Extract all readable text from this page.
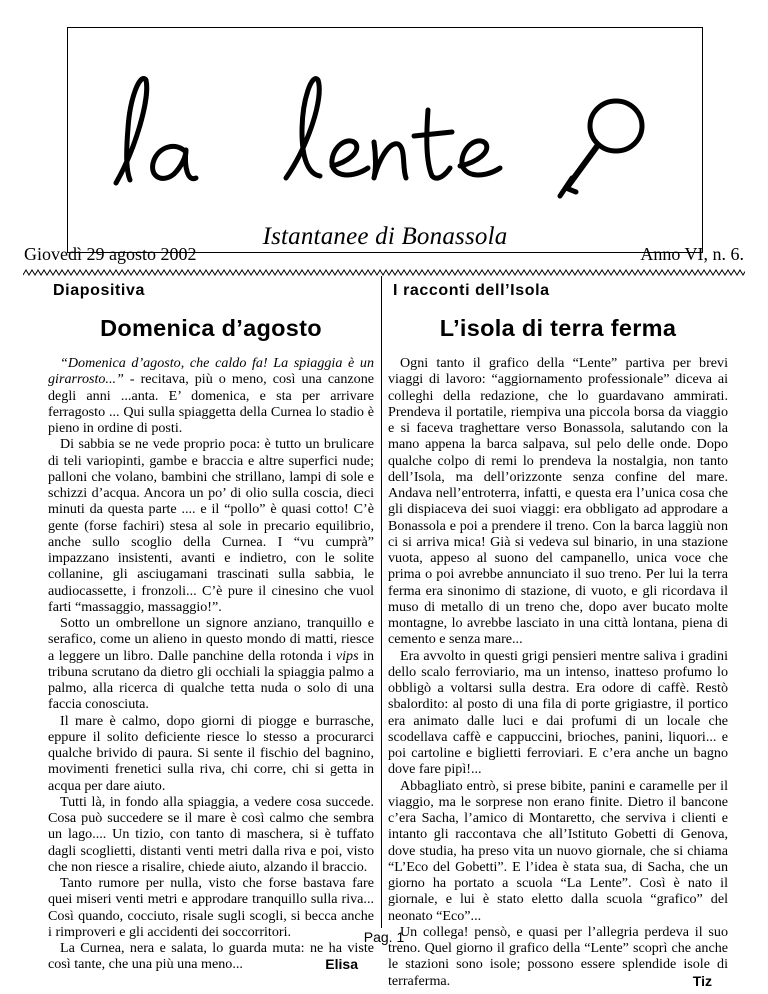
Istantanee di Bonassola
Giovedì 29 agosto 2002	Anno VI, n. 6.
Diapositiva
Domenica d’agosto

“Domenica d’agosto, che caldo fa! La spiaggia è un girarrosto...” - recitava, più o meno, così una canzone degli anni ...anta. E’ domenica, e sta per arrivare ferragosto ... Qui sulla spiaggetta della Curnea lo stadio è pieno in ordine di posti.

Di sabbia se ne vede proprio poca: è tutto un brulicare di teli variopinti, gambe e braccia e altre superfici nude; palloni che volano, bambini che strillano, lampi di sole e schizzi d’acqua. Ancora un po’ di olio sulla coscia, dieci minuti da questa parte .... e il “pollo” è quasi cotto! C’è gente (forse fachiri) stesa al sole in precario equilibrio, anche sullo scoglio della Curnea. I “vu cumprà” impazzano insistenti, avanti e indietro, con le solite collanine, gli asciugamani trascinati sulla sabbia, le audiocassette, i fronzoli... C’è pure il cinesino che vuol farti “massaggio, massaggio!”.

Sotto un ombrellone un signore anziano, tranquillo e serafico, come un alieno in questo mondo di matti, riesce a leggere un libro. Dalle panchine della rotonda i vips in tribuna scrutano da dietro gli occhiali la spiaggia palmo a palmo, alla ricerca di qualche tetta nuda o solo di una faccia conosciuta.

Il mare è calmo, dopo giorni di piogge e burrasche, eppure il solito deficiente riesce lo stesso a procurarci qualche brivido di paura. Si sente il fischio del bagnino, movimenti frenetici sulla riva, chi corre, chi si getta in acqua per dare aiuto.

Tutti là, in fondo alla spiaggia, a vedere cosa succede. Cosa può succedere se il mare è così calmo che sembra un lago.... Un tizio, con tanto di maschera, si è tuffato dagli scoglietti, distanti venti metri dalla riva e poi, visto che non riesce a risalire, chiede aiuto, alzando il braccio.

Tanto rumore per nulla, visto che forse bastava fare quei miseri venti metri e approdare tranquillo sulla riva... Così quando, cocciuto, risale sugli scogli, si becca anche i rimproveri e gli accidenti dei soccorritori.

La Curnea, nera e salata, lo guarda muta: ne ha viste così tante, che una più una meno...	Elisa

I racconti dell’Isola
L’isola di terra ferma

Ogni tanto il grafico della “Lente” partiva per brevi viaggi di lavoro: “aggiornamento professionale” diceva ai colleghi della redazione, che lo guardavano ammirati. Prendeva il portatile, riempiva una piccola borsa da viaggio e si faceva traghettare verso Bonassola, salutando con la mano appena la barca salpava, sul pelo delle onde. Dopo qualche colpo di remi lo prendeva la nostalgia, non tanto dell’Isola, ma dell’orizzonte senza confine del mare. Andava nell’entroterra, infatti, e questa era l’unica cosa che gli dispiaceva dei suoi viaggi: era obbligato ad approdare a Bonassola e poi a prendere il treno. Con la barca laggiù non ci si arriva mica! Già si vedeva sul binario, in una stazione vuota, appeso al suono del campanello, unica voce che prima o poi avrebbe annunciato il suo treno. Per lui la terra ferma era sinonimo di stazione, di vuoto, e gli ricordava il muso di metallo di un treno che, dopo aver bucato molte montagne, lo avrebbe lasciato in una città lontana, piena di cemento e senza mare...

Era avvolto in questi grigi pensieri mentre saliva i gradini dello scalo ferroviario, ma un intenso, inatteso profumo lo obbligò a voltarsi sulla destra. Era odore di caffè. Restò sbalordito: al posto di una fila di porte grigiastre, il portico era animato dalle luci e dai profumi di un locale che scodellava caffè e cappuccini, brioches, panini, liquori... e poi cartoline e biglietti ferroviari. E c’era anche un bagno dove fare pipì!...

Abbagliato entrò, si prese bibite, panini e caramelle per il viaggio, ma le sorprese non erano finite. Dietro il bancone c’era Sacha, l’amico di Montaretto, che serviva i clienti e intanto gli raccontava che all’Istituto Gobetti di Genova, dove studia, ha preso vita un nuovo giornale, che si chiama “L’Eco del Gobetti”. E l’idea è stata sua, di Sacha, che un giorno ha portato a scuola “La Lente”. Così è nato il giornale, e lui è stato eletto dalla scuola “grafico” del neonato “Eco”...

Un collega! pensò, e quasi per l’allegria perdeva il suo treno. Quel giorno il grafico della “Lente” scoprì che anche le stazioni sono isole; possono essere splendide isole di terraferma.	Tiz

Pag. 1
